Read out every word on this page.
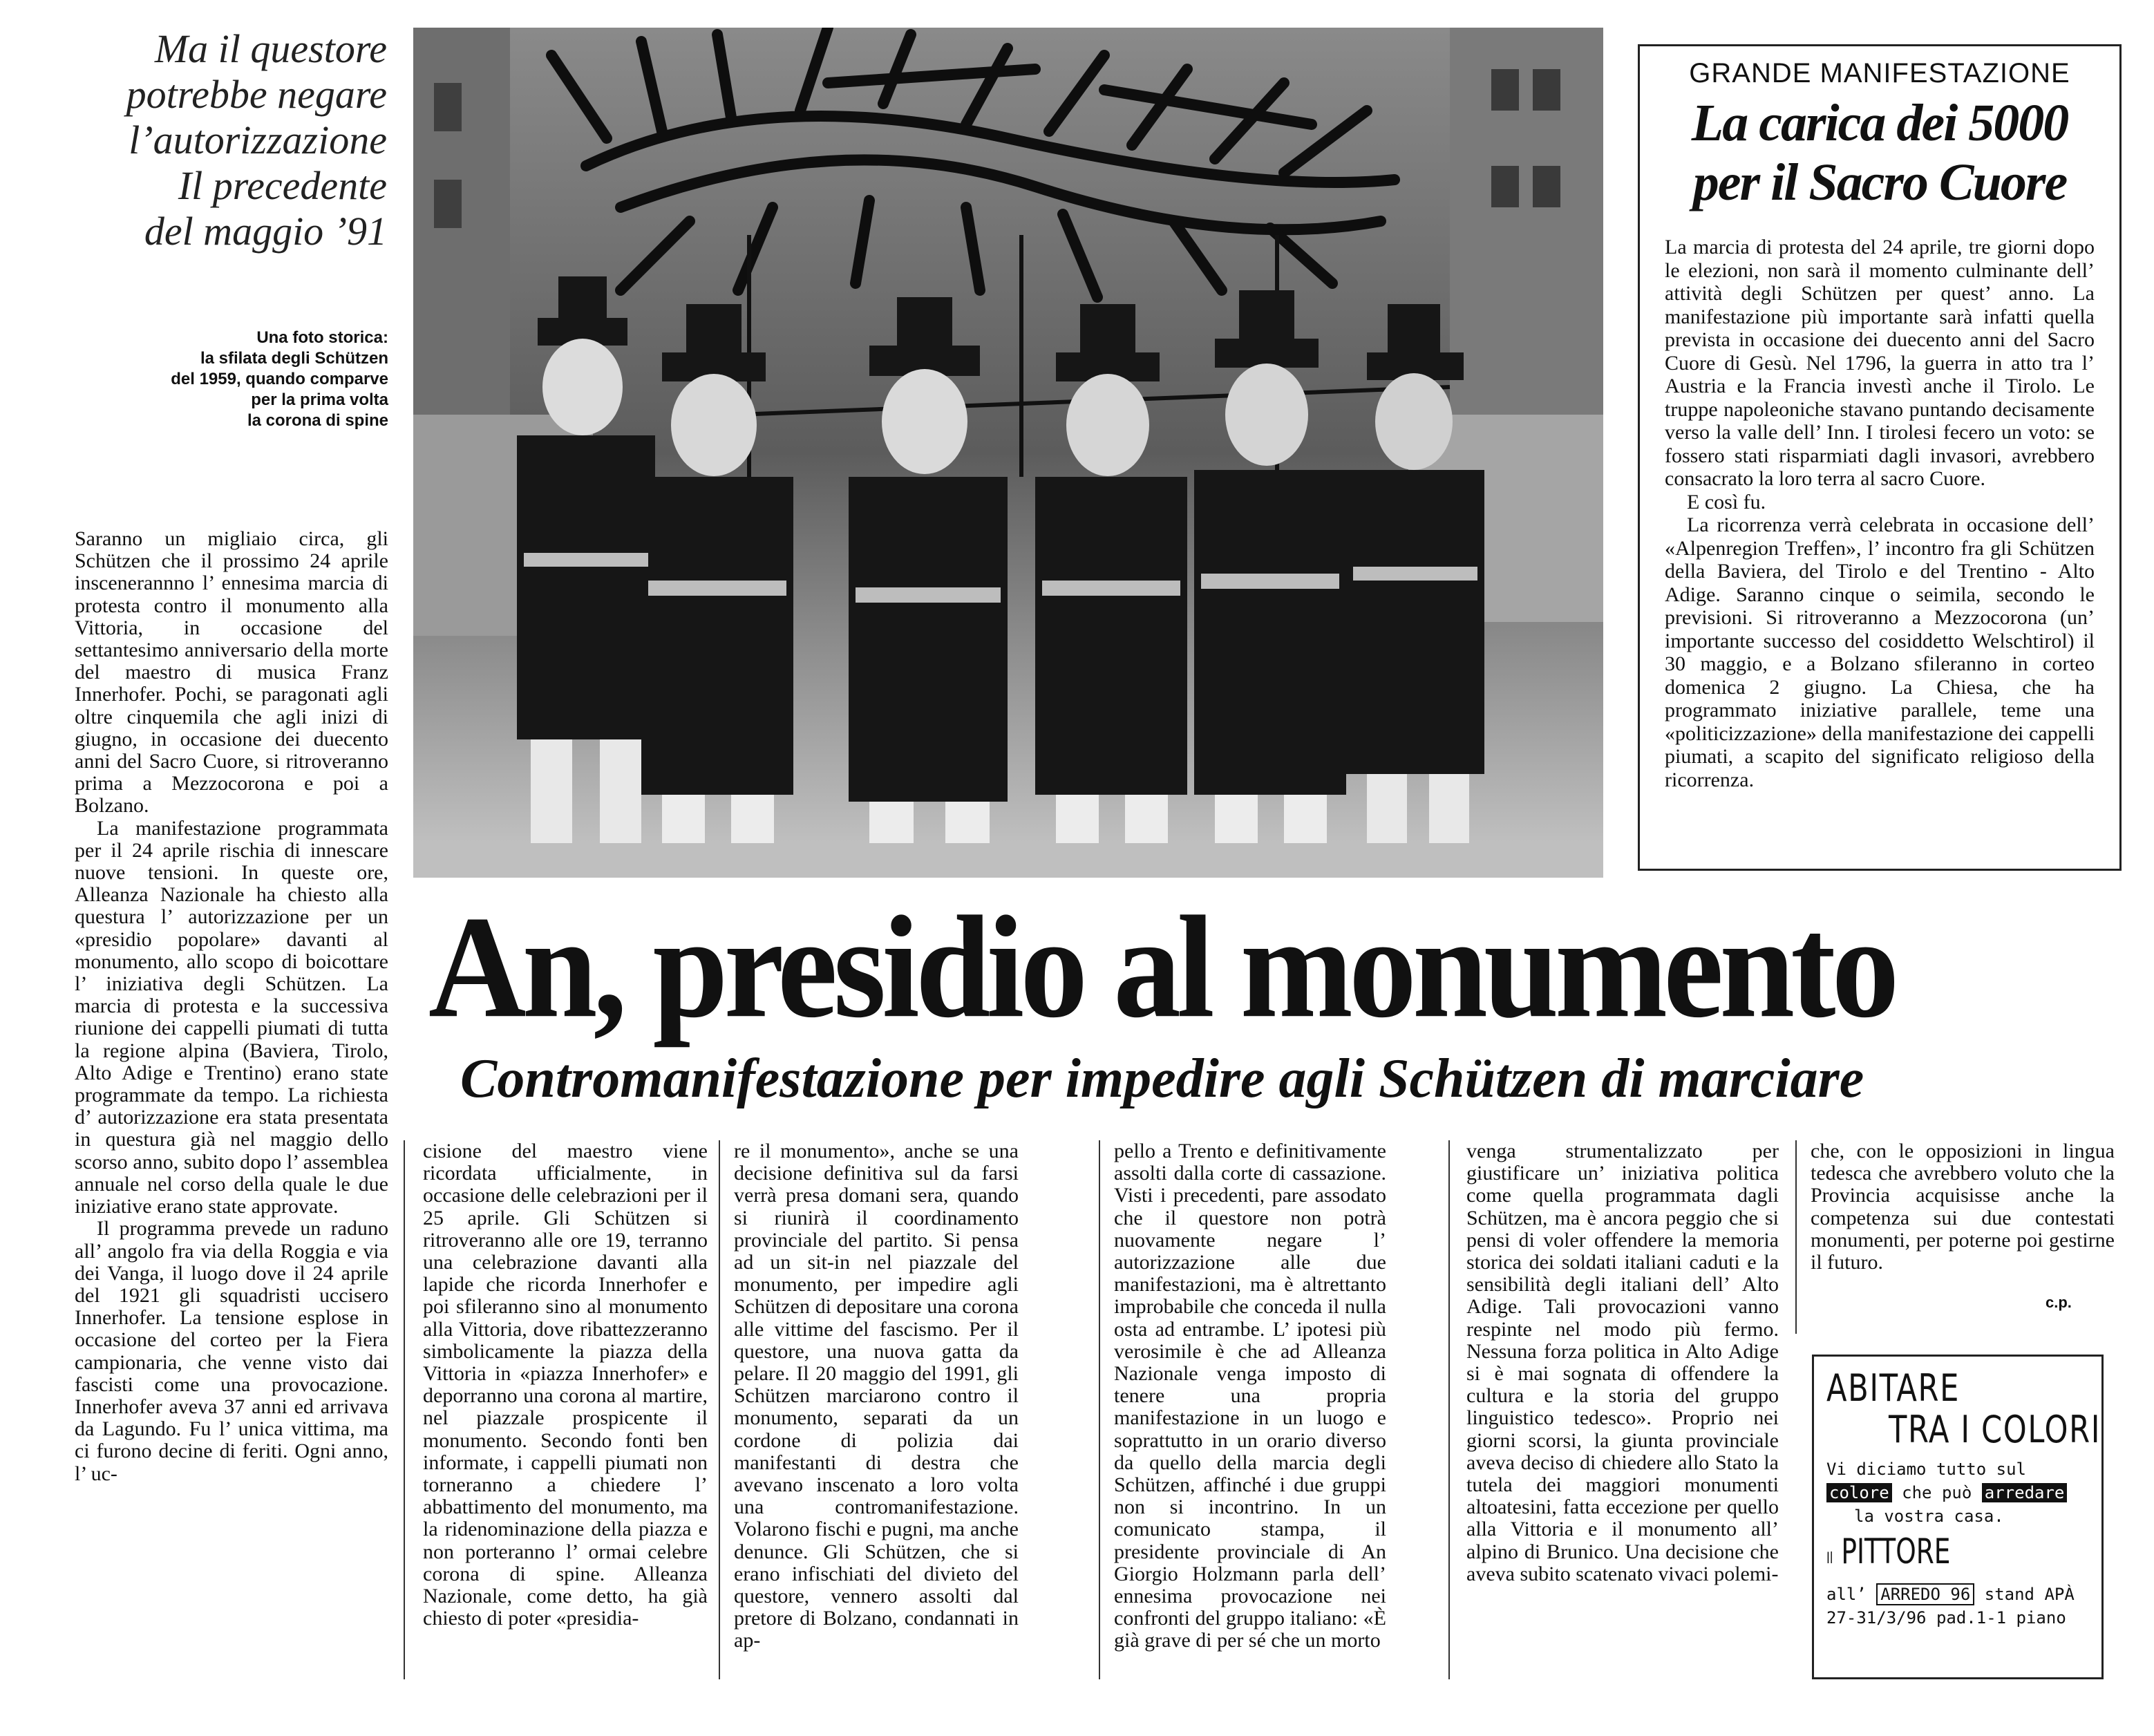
Ma il questore
potrebbe negare
l’autorizzazione
Il precedente
del maggio ’91
Una foto storica:
la sfilata degli Schützen
del 1959, quando comparve
per la prima volta
la corona di spine
GRANDE MANIFESTAZIONE
La carica dei 5000
per il Sacro Cuore

La marcia di protesta del 24 aprile, tre giorni dopo le elezioni, non sarà il momento culminante dell’ attività degli Schützen per quest’ anno. La manifestazione più importante sarà infatti quella prevista in occasione dei duecento anni del Sacro Cuore di Gesù. Nel 1796, la guerra in atto tra l’ Austria e la Francia investì anche il Tirolo. Le truppe napoleoniche stavano puntando decisamente verso la valle dell’ Inn. I tirolesi fecero un voto: se fossero stati risparmiati dagli invasori, avrebbero consacrato la loro terra al sacro Cuore.

E così fu.

La ricorrenza verrà celebrata in occasione dell’ «Alpenregion Treffen», l’ incontro fra gli Schützen della Baviera, del Tirolo e del Trentino - Alto Adige. Saranno cinque o seimila, secondo le previsioni. Si ritroveranno a Mezzocorona (un’ importante successo del cosiddetto Welschtirol) il 30 maggio, e a Bolzano sfileranno in corteo domenica 2 giugno. La Chiesa, che ha programmato iniziative parallele, teme una «politicizzazione» della manifestazione dei cappelli piumati, a scapito del significato religioso della ricorrenza.

An, presidio al monumento
Contromanifestazione per impedire agli Schützen di marciare

Saranno un migliaio circa, gli Schützen che il prossimo 24 aprile inscenerannno l’ ennesima marcia di protesta contro il monumento alla Vittoria, in occasione del settantesimo anniversario della morte del maestro di musica Franz Innerhofer. Pochi, se paragonati agli oltre cinquemila che agli inizi di giugno, in occasione dei duecento anni del Sacro Cuore, si ritroveranno prima a Mezzocorona e poi a Bolzano.

La manifestazione programmata per il 24 aprile rischia di innescare nuove tensioni. In queste ore, Alleanza Nazionale ha chiesto alla questura l’ autorizzazione per un «presidio popolare» davanti al monumento, allo scopo di boicottare l’ iniziativa degli Schützen. La marcia di protesta e la successiva riunione dei cappelli piumati di tutta la regione alpina (Baviera, Tirolo, Alto Adige e Trentino) erano state programmate da tempo. La richiesta d’ autorizzazione era stata presentata in questura già nel maggio dello scorso anno, subito dopo l’ assemblea annuale nel corso della quale le due iniziative erano state approvate.

Il programma prevede un raduno all’ angolo fra via della Roggia e via dei Vanga, il luogo dove il 24 aprile del 1921 gli squadristi uccisero Innerhofer. La tensione esplose in occasione del corteo per la Fiera campionaria, che venne visto dai fascisti come una provocazione. Innerhofer aveva 37 anni ed arrivava da Lagundo. Fu l’ unica vittima, ma ci furono decine di feriti. Ogni anno, l’ uc-

cisione del maestro viene ricordata ufficialmente, in occasione delle celebrazioni per il 25 aprile. Gli Schützen si ritroveranno alle ore 19, terranno una celebrazione davanti alla lapide che ricorda Innerhofer e poi sfileranno sino al monumento alla Vittoria, dove ribattezzeranno simbolicamente la piazza della Vittoria in «piazza Innerhofer» e deporranno una corona al martire, nel piazzale prospicente il monumento. Secondo fonti ben informate, i cappelli piumati non torneranno a chiedere l’ abbattimento del monumento, ma la ridenominazione della piazza e non porteranno l’ ormai celebre corona di spine. Alleanza Nazionale, come detto, ha già chiesto di poter «presidia-

re il monumento», anche se una decisione definitiva sul da farsi verrà presa domani sera, quando si riunirà il coordinamento provinciale del partito. Si pensa ad un sit-in nel piazzale del monumento, per impedire agli Schützen di depositare una corona alle vittime del fascismo. Per il questore, una nuova gatta da pelare. Il 20 maggio del 1991, gli Schützen marciarono contro il monumento, separati da un cordone di polizia dai manifestanti di destra che avevano inscenato a loro volta una contromanifestazione. Volarono fischi e pugni, ma anche denunce. Gli Schützen, che si erano infischiati del divieto del questore, vennero assolti dal pretore di Bolzano, condannati in ap-

pello a Trento e definitivamente assolti dalla corte di cassazione. Visti i precedenti, pare assodato che il questore non potrà nuovamente negare l’ autorizzazione alle due manifestazioni, ma è altrettanto improbabile che conceda il nulla osta ad entrambe. L’ ipotesi più verosimile è che ad Alleanza Nazionale venga imposto di tenere una propria manifestazione in un luogo e soprattutto in un orario diverso da quello della marcia degli Schützen, affinché i due gruppi non si incontrino. In un comunicato stampa, il presidente provinciale di An Giorgio Holzmann parla dell’ ennesima provocazione nei confronti del gruppo italiano: «È già grave di per sé che un morto

venga strumentalizzato per giustificare un’ iniziativa politica come quella programmata dagli Schützen, ma è ancora peggio che si pensi di voler offendere la memoria storica dei soldati italiani caduti e la sensibilità degli italiani dell’ Alto Adige. Tali provocazioni vanno respinte nel modo più fermo. Nessuna forza politica in Alto Adige si è mai sognata di offendere la cultura e la storia del gruppo linguistico tedesco». Proprio nei giorni scorsi, la giunta provinciale aveva deciso di chiedere allo Stato la tutela dei maggiori monumenti altoatesini, fatta eccezione per quello alla Vittoria e il monumento all’ alpino di Brunico. Una decisione che aveva subito scatenato vivaci polemi-

che, con le opposizioni in lingua tedesca che avrebbero voluto che la Provincia acquisisse anche la competenza sui due contestati monumenti, per poterne poi gestirne il futuro.

c.p.
ABITARE
TRA I COLORI
Vi diciamo tutto sul
colore che può arredare
la vostra casa.
Il PITTORE
all’ ARREDO 96 stand APÀ
27-31/3/96 pad.1-1 piano
